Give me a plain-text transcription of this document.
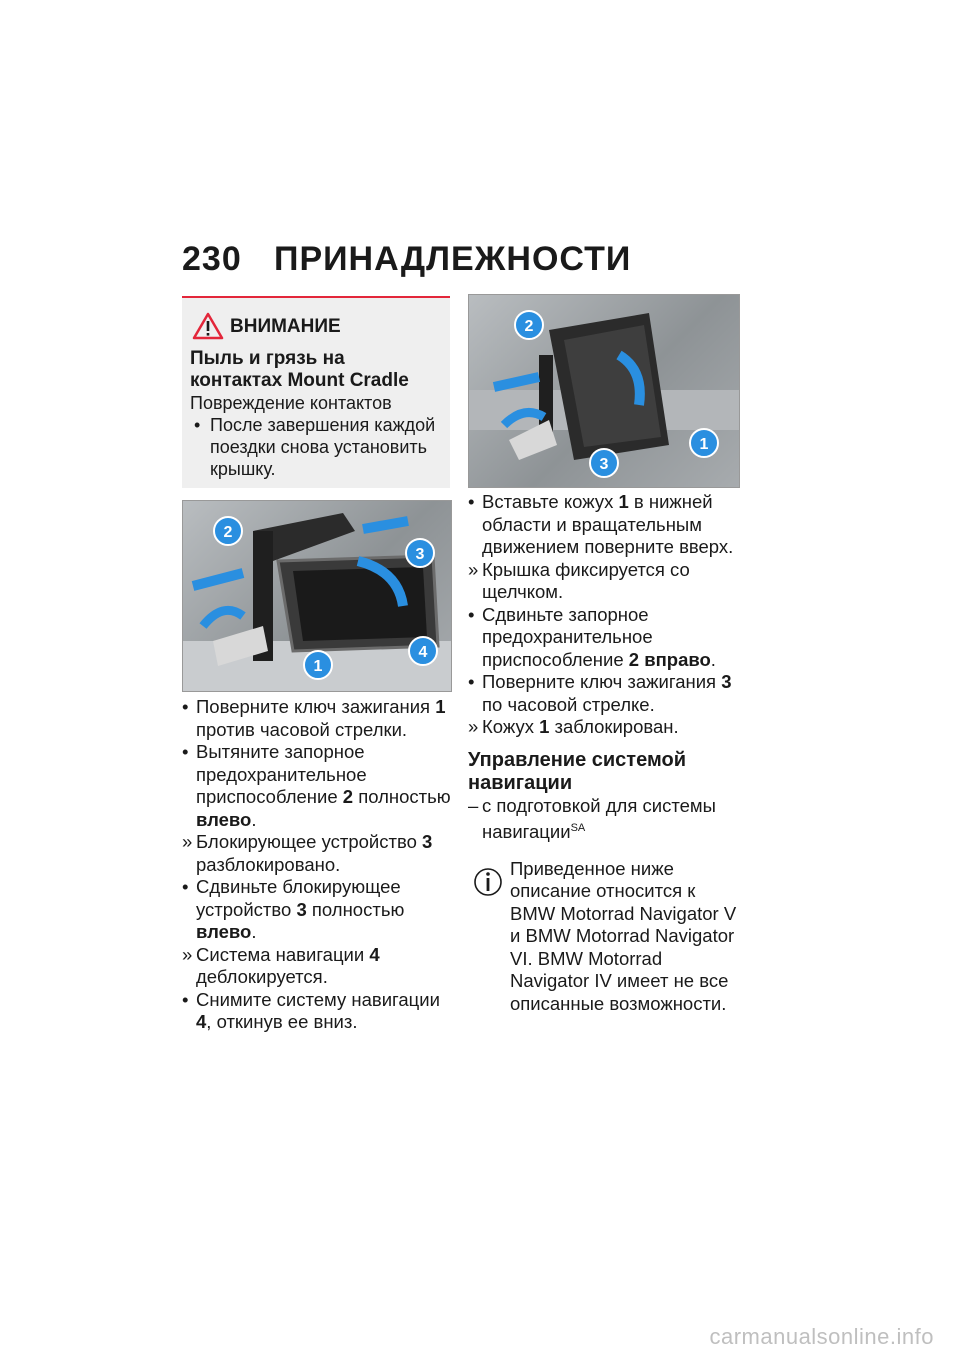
230 ПРИНАДЛЕЖНОСТИ
ВНИМАНИЕ
Пыль и грязь на контактах Mount Cradle
Повреждение контактов
• После завершения каждой поездки снова установить крышку.
2
3
4
1
2
1
3
• Поверните ключ зажигания 1 против часовой стрелки.
• Вытяните запорное предохранительное приспособление 2 полностью влево.
» Блокирующее устройство 3 разблокировано.
• Сдвиньте блокирующее устройство 3 полностью влево.
» Система навигации 4 деблокируется.
• Снимите систему навигации 4, откинув ее вниз.
• Вставьте кожух 1 в нижней области и вращательным движением поверните вверх.
» Крышка фиксируется со щелчком.
• Сдвиньте запорное предохранительное приспособление 2 вправо.
• Поверните ключ зажигания 3 по часовой стрелке.
» Кожух 1 заблокирован.
Управление системой навигации
– с подготовкой для системы навигации$^{SA}$
Приведенное ниже описание относится к BMW Motorrad Navigator V и BMW Motorrad Navigator VI. BMW Motorrad Navigator IV имеет не все описанные возможности.
carmanualsonline.info
